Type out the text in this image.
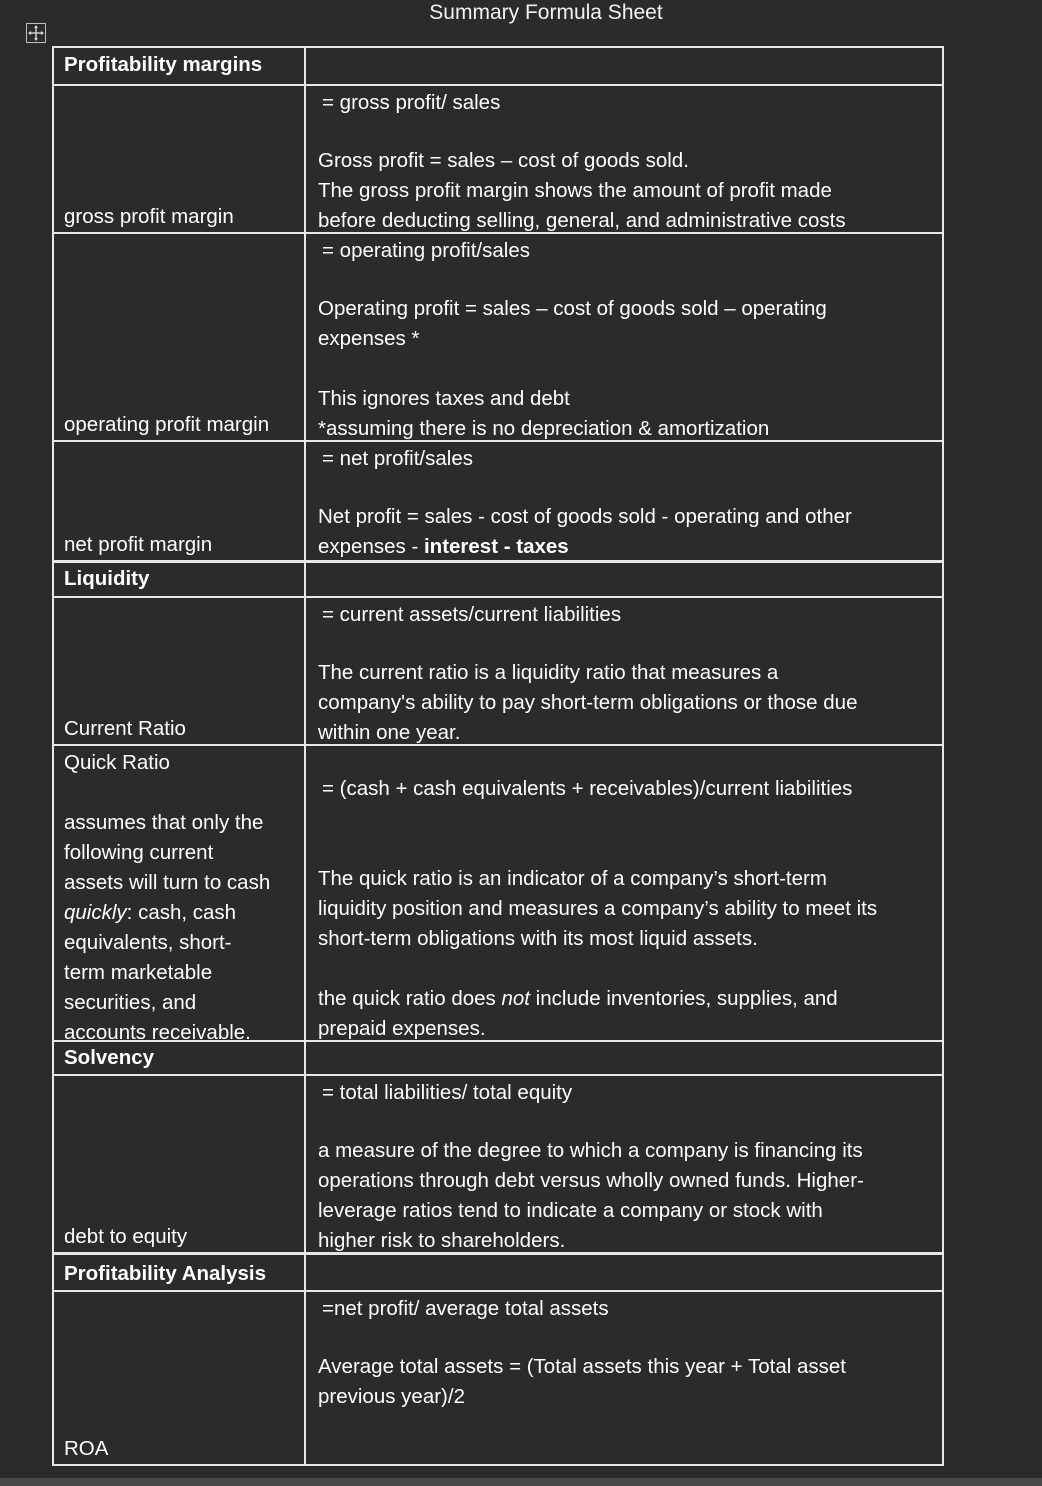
Summary Formula Sheet
Profitability margins
gross profit margin
= gross profit/ sales

Gross profit = sales – cost of goods sold.

The gross profit margin shows the amount of profit made

before deducting selling, general, and administrative costs

operating profit margin
= operating profit/sales

Operating profit = sales – cost of goods sold – operating

expenses *

This ignores taxes and debt

*assuming there is no depreciation & amortization

net profit margin
= net profit/sales

Net profit = sales - cost of goods sold - operating and other

expenses - interest - taxes

Liquidity
Current Ratio
= current assets/current liabilities

The current ratio is a liquidity ratio that measures a

company's ability to pay short-term obligations or those due

within one year.

Quick Ratio

assumes that only the

following current

assets will turn to cash

quickly: cash, cash

equivalents, short-

term marketable

securities, and

accounts receivable.

= (cash + cash equivalents + receivables)/current liabilities

The quick ratio is an indicator of a company’s short-term

liquidity position and measures a company’s ability to meet its

short-term obligations with its most liquid assets.

the quick ratio does not include inventories, supplies, and

prepaid expenses.

Solvency
debt to equity
= total liabilities/ total equity

a measure of the degree to which a company is financing its

operations through debt versus wholly owned funds. Higher-

leverage ratios tend to indicate a company or stock with

higher risk to shareholders.

Profitability Analysis
ROA
=net profit/ average total assets

Average total assets = (Total assets this year + Total asset

previous year)/2
